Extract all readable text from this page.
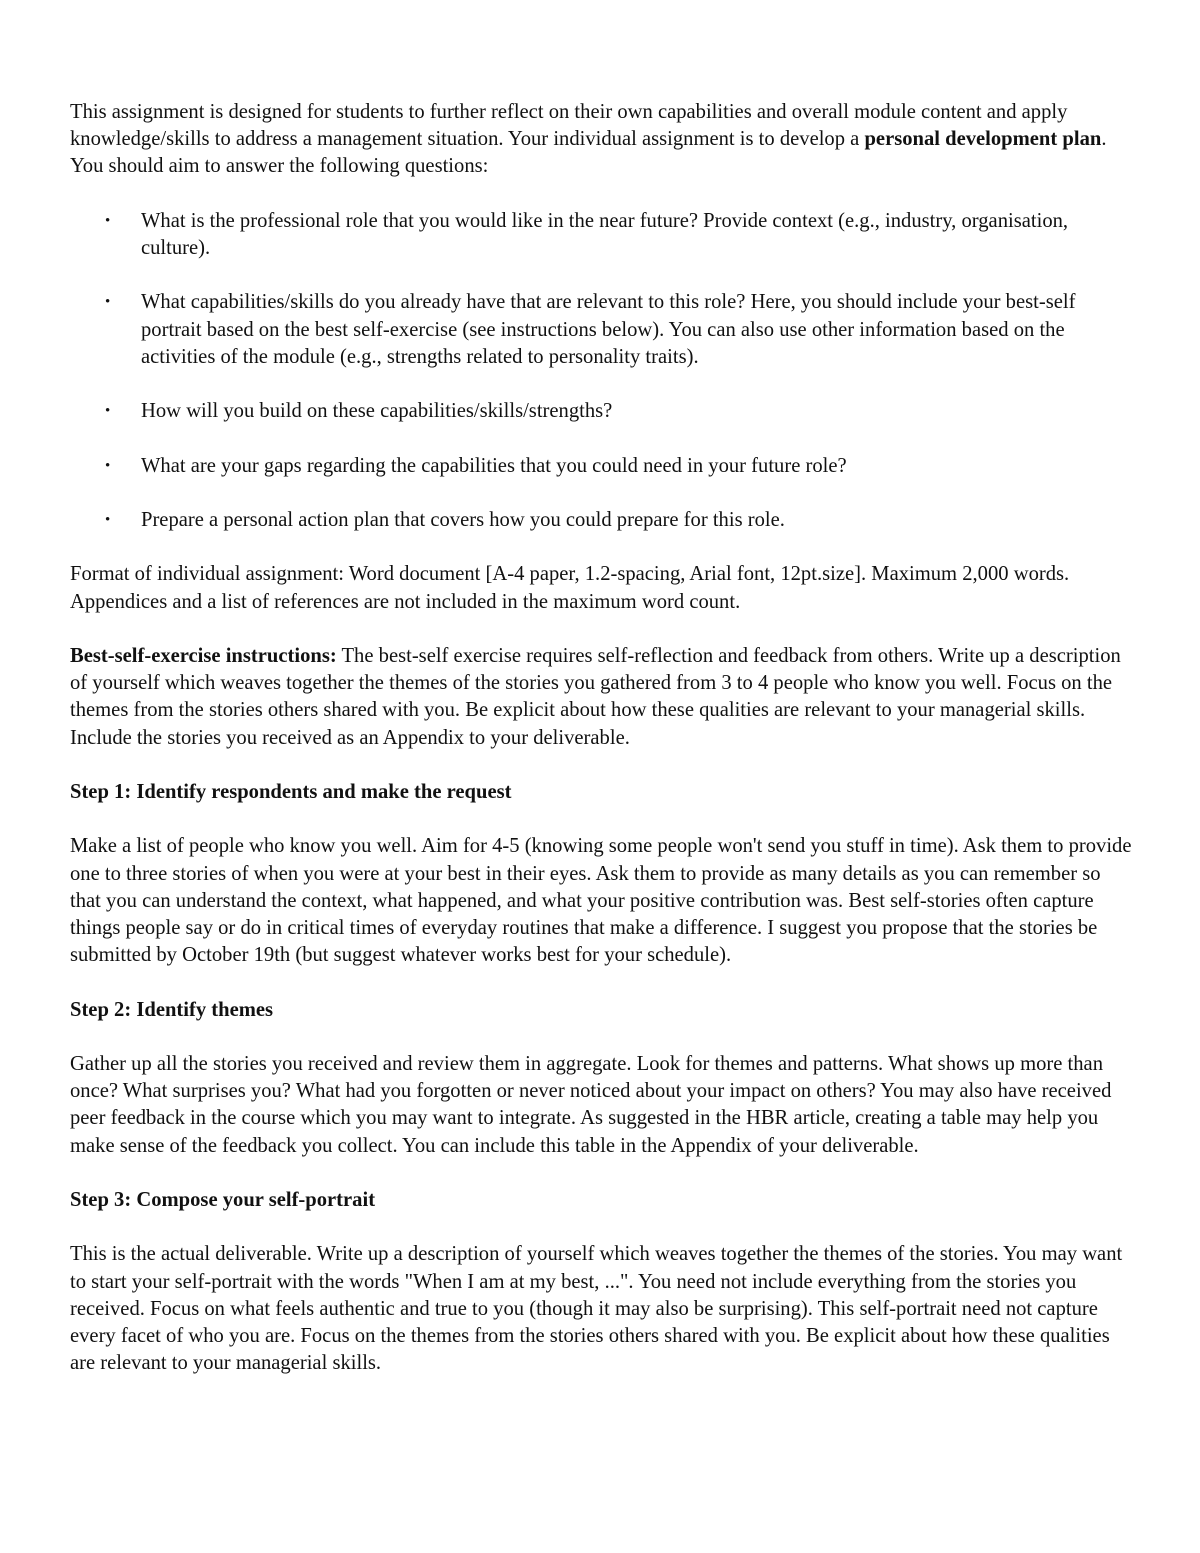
This assignment is designed for students to further reflect on their own capabilities and overall module content and apply knowledge/skills to address a management situation. Your individual assignment is to develop a personal development plan. You should aim to answer the following questions:

• What is the professional role that you would like in the near future? Provide context (e.g., industry, organisation, culture).
• What capabilities/skills do you already have that are relevant to this role? Here, you should include your best-self portrait based on the best self-exercise (see instructions below). You can also use other information based on the activities of the module (e.g., strengths related to personality traits).
• How will you build on these capabilities/skills/strengths?
• What are your gaps regarding the capabilities that you could need in your future role?
• Prepare a personal action plan that covers how you could prepare for this role.

Format of individual assignment: Word document [A-4 paper, 1.2-spacing, Arial font, 12pt.size]. Maximum 2,000 words. Appendices and a list of references are not included in the maximum word count.

Best-self-exercise instructions: The best-self exercise requires self-reflection and feedback from others. Write up a description of yourself which weaves together the themes of the stories you gathered from 3 to 4 people who know you well. Focus on the themes from the stories others shared with you. Be explicit about how these qualities are relevant to your managerial skills. Include the stories you received as an Appendix to your deliverable.

Step 1: Identify respondents and make the request

Make a list of people who know you well. Aim for 4-5 (knowing some people won't send you stuff in time). Ask them to provide one to three stories of when you were at your best in their eyes. Ask them to provide as many details as you can remember so that you can understand the context, what happened, and what your positive contribution was. Best self-stories often capture things people say or do in critical times of everyday routines that make a difference. I suggest you propose that the stories be submitted by October 19th (but suggest whatever works best for your schedule).

Step 2: Identify themes

Gather up all the stories you received and review them in aggregate. Look for themes and patterns. What shows up more than once? What surprises you? What had you forgotten or never noticed about your impact on others? You may also have received peer feedback in the course which you may want to integrate. As suggested in the HBR article, creating a table may help you make sense of the feedback you collect. You can include this table in the Appendix of your deliverable.

Step 3: Compose your self-portrait

This is the actual deliverable. Write up a description of yourself which weaves together the themes of the stories. You may want to start your self-portrait with the words "When I am at my best, ...". You need not include everything from the stories you received. Focus on what feels authentic and true to you (though it may also be surprising). This self-portrait need not capture every facet of who you are. Focus on the themes from the stories others shared with you. Be explicit about how these qualities are relevant to your managerial skills.
